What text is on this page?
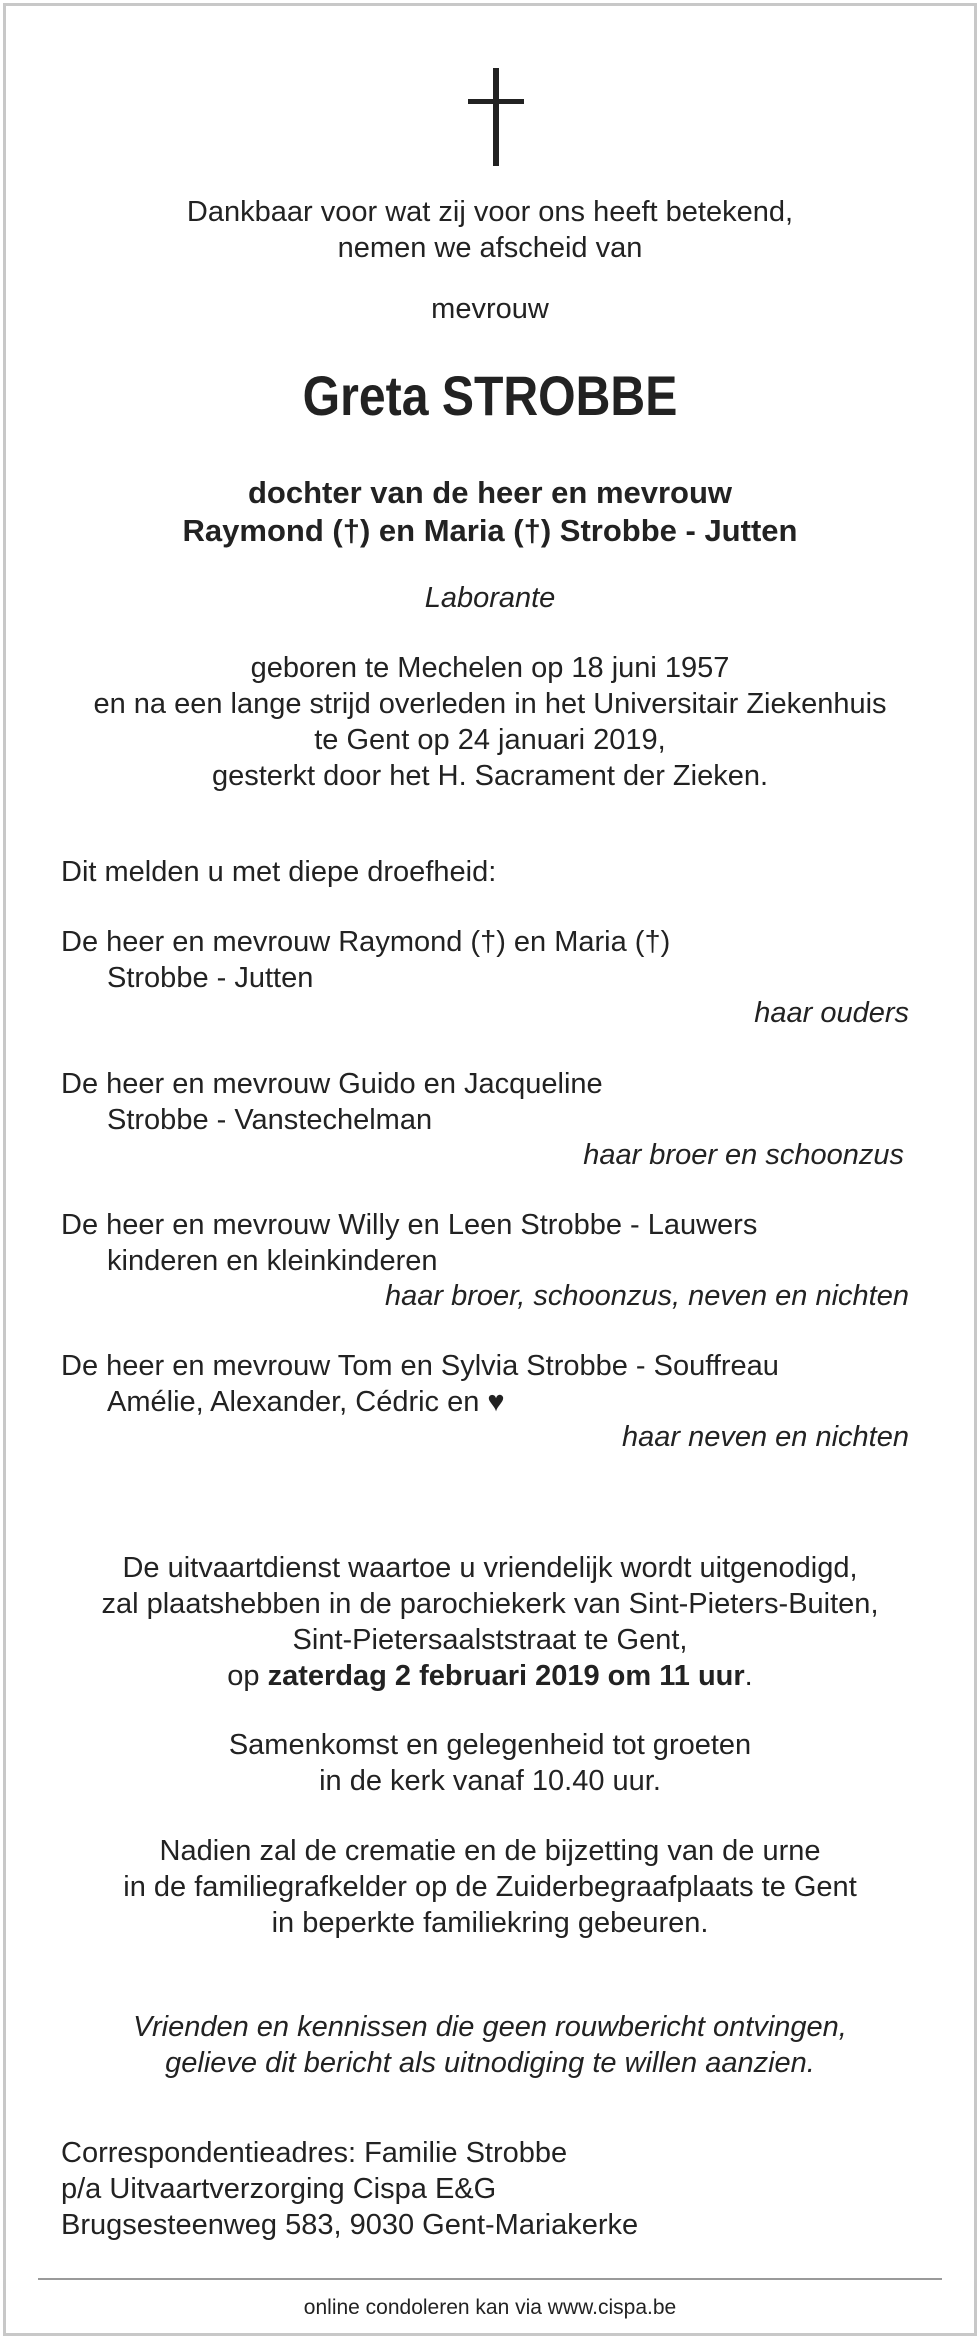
Dankbaar voor wat zij voor ons heeft betekend,
nemen we afscheid van
mevrouw
Greta STROBBE
dochter van de heer en mevrouw
Raymond (†) en Maria (†) Strobbe - Jutten
Laborante
geboren te Mechelen op 18 juni 1957
en na een lange strijd overleden in het Universitair Ziekenhuis
te Gent op 24 januari 2019,
gesterkt door het H. Sacrament der Zieken.
Dit melden u met diepe droefheid:
De heer en mevrouw Raymond (†) en Maria (†)
Strobbe - Jutten
haar ouders
De heer en mevrouw Guido en Jacqueline
Strobbe - Vanstechelman
haar broer en schoonzus
De heer en mevrouw Willy en Leen Strobbe - Lauwers
kinderen en kleinkinderen
haar broer, schoonzus, neven en nichten
De heer en mevrouw Tom en Sylvia Strobbe - Souffreau
Amélie, Alexander, Cédric en ♥
haar neven en nichten
De uitvaartdienst waartoe u vriendelijk wordt uitgenodigd,
zal plaatshebben in de parochiekerk van Sint-Pieters-Buiten,
Sint-Pietersaalststraat te Gent,
op zaterdag 2 februari 2019 om 11 uur.
Samenkomst en gelegenheid tot groeten
in de kerk vanaf 10.40 uur.
Nadien zal de crematie en de bijzetting van de urne
in de familiegrafkelder op de Zuiderbegraafplaats te Gent
in beperkte familiekring gebeuren.
Vrienden en kennissen die geen rouwbericht ontvingen,
gelieve dit bericht als uitnodiging te willen aanzien.
Correspondentieadres: Familie Strobbe
p/a Uitvaartverzorging Cispa E&G
Brugsesteenweg 583, 9030 Gent-Mariakerke
online condoleren kan via www.cispa.be
